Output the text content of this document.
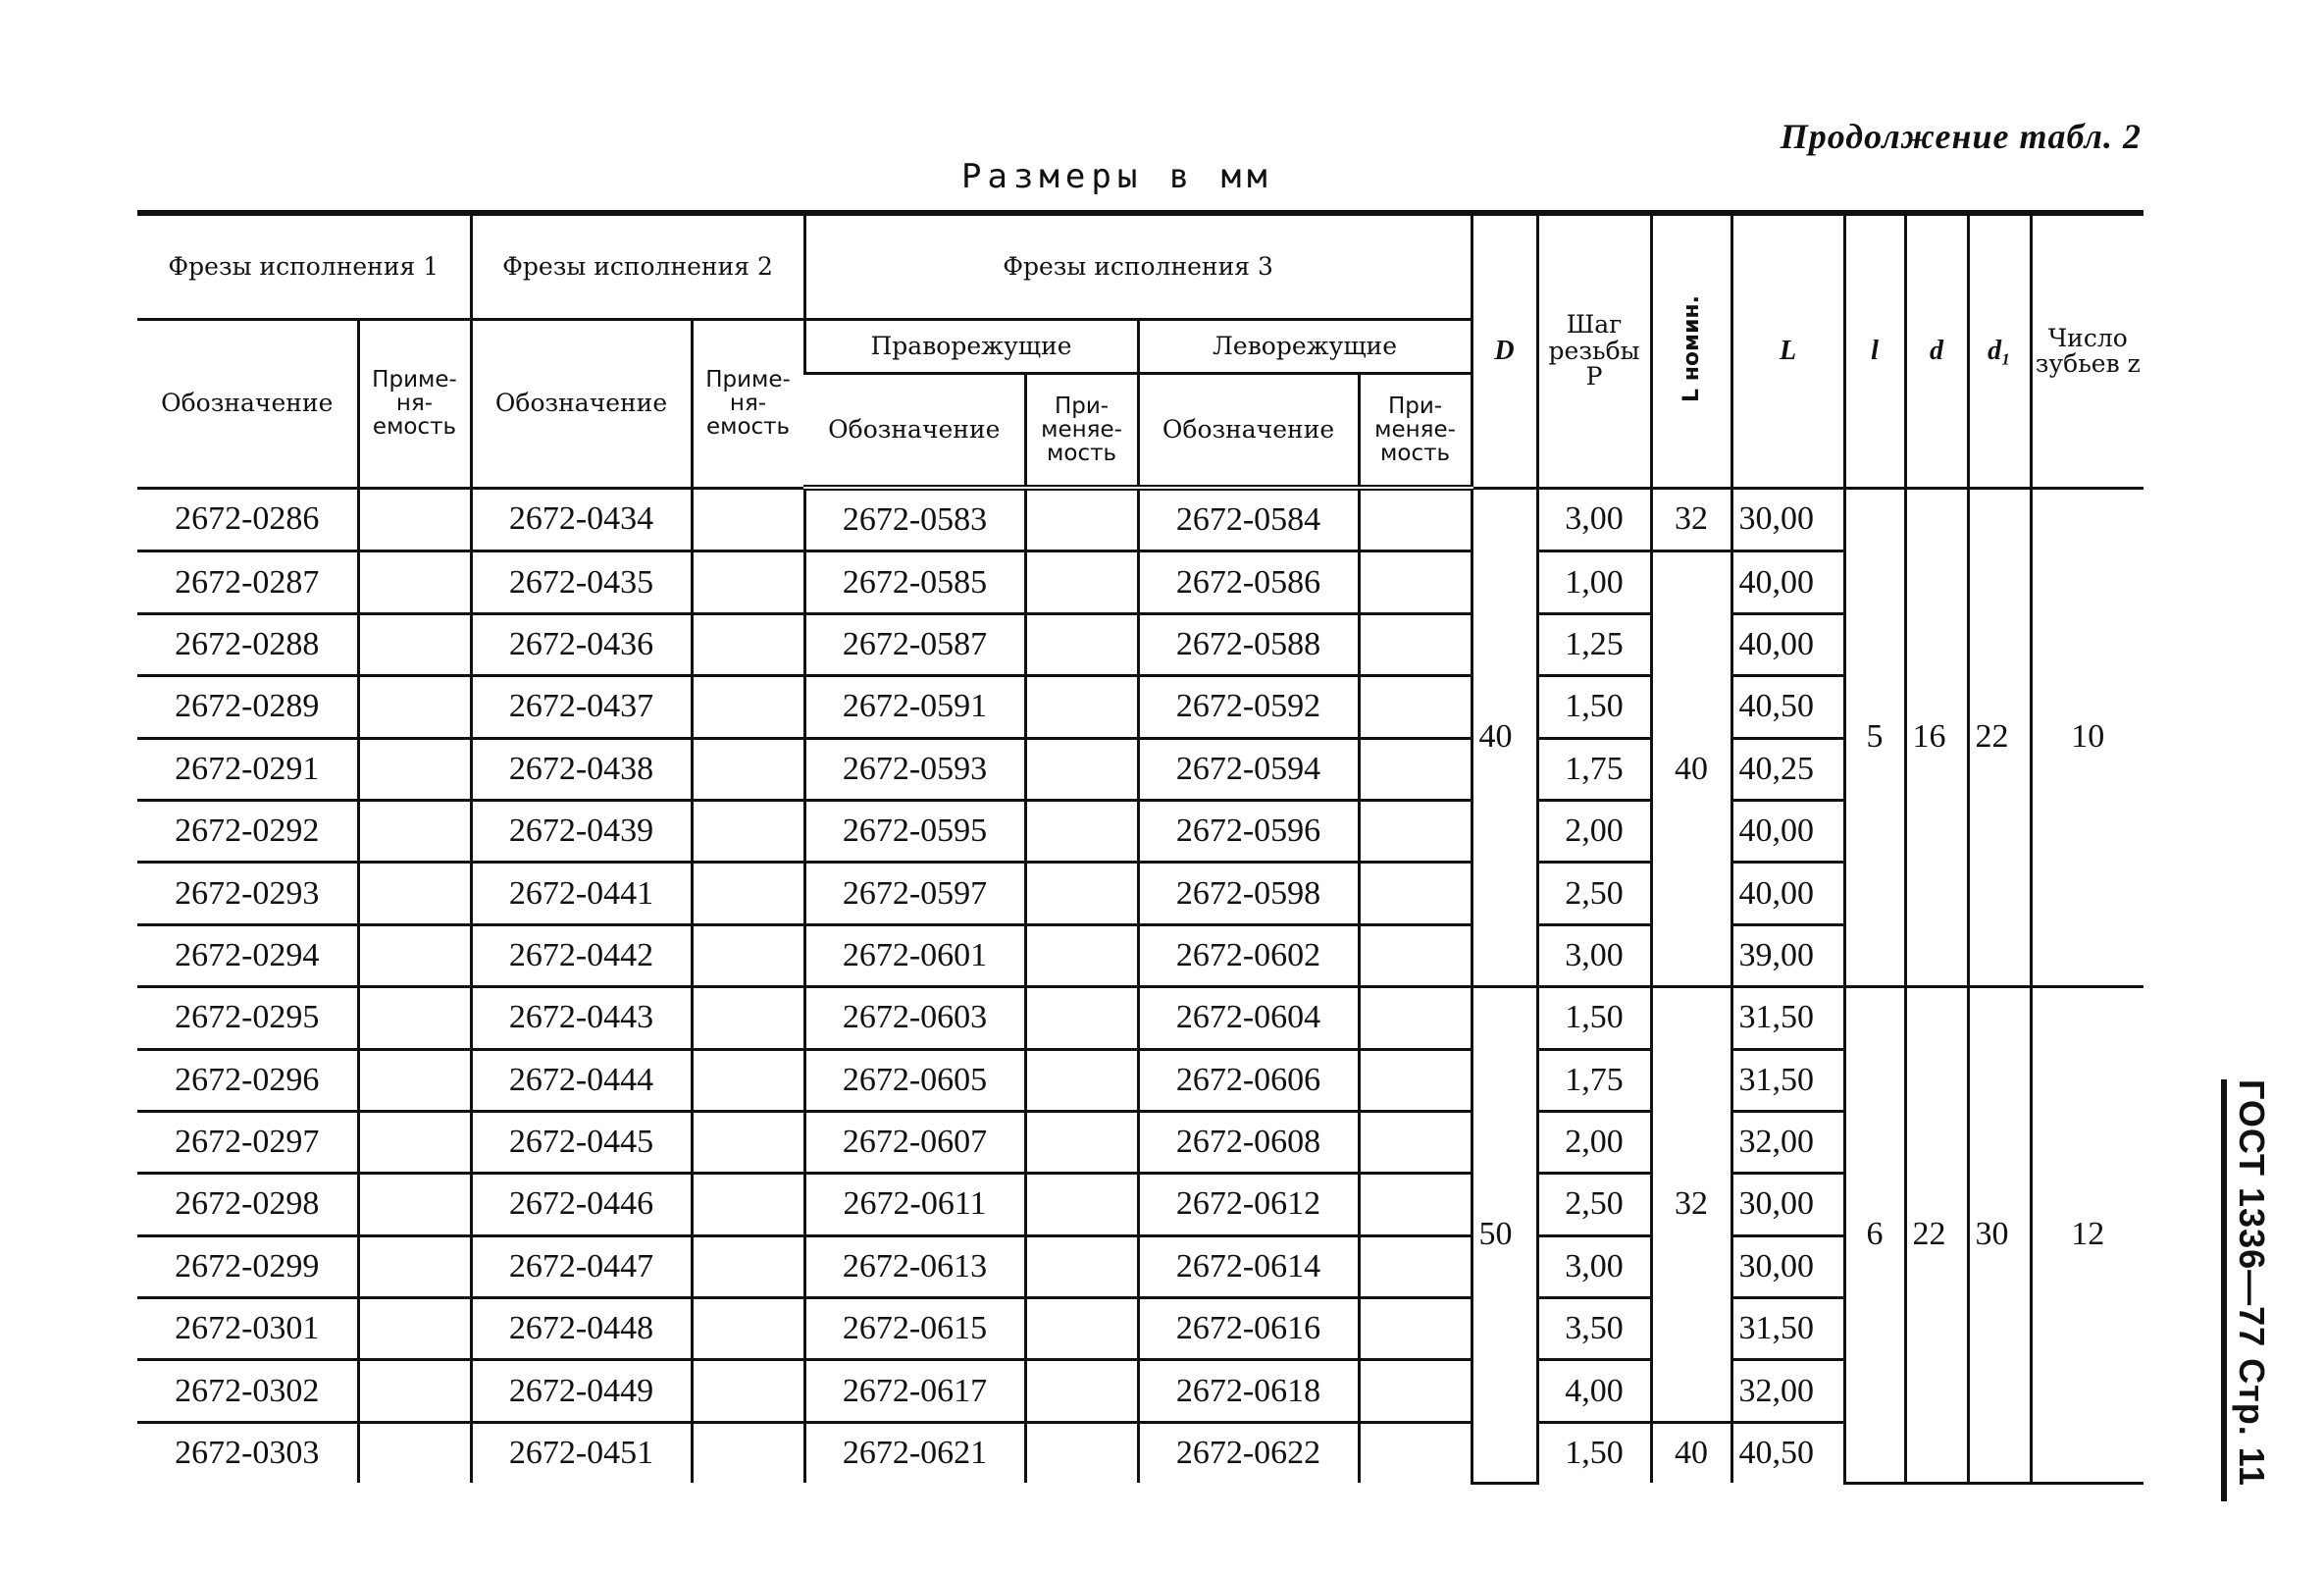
Продолжение табл. 2
Размеры в мм
ГОСТ 1336—77 Стр. 11
Фрезы исполнения 1		Фрезы исполнения 2		Фрезы исполнения 3				D	Шаг резьбы P	L номин.	L	l	d	d₁	Число зубьев z
Обозначение	Приме-ня-емость	Обозначение	Приме-ня-емость	Праворежущие		Леворежущие									
				Обозначение	При-меняе-мость	Обозначение	При-меняе-мость								
2672-0286		2672-0434		2672-0583		2672-0584		40	3,00	32	30,00	5	16	22	10
2672-0287		2672-0435		2672-0585		2672-0586			1,00	40	40,00				
2672-0288		2672-0436		2672-0587		2672-0588			1,25		40,00				
2672-0289		2672-0437		2672-0591		2672-0592			1,50		40,50				
2672-0291		2672-0438		2672-0593		2672-0594			1,75		40,25				
2672-0292		2672-0439		2672-0595		2672-0596			2,00		40,00				
2672-0293		2672-0441		2672-0597		2672-0598			2,50		40,00				
2672-0294		2672-0442		2672-0601		2672-0602			3,00		39,00				
2672-0295		2672-0443		2672-0603		2672-0604		50	1,50	32	31,50	6	22	30	12
2672-0296		2672-0444		2672-0605		2672-0606			1,75		31,50				
2672-0297		2672-0445		2672-0607		2672-0608			2,00		32,00				
2672-0298		2672-0446		2672-0611		2672-0612			2,50		30,00				
2672-0299		2672-0447		2672-0613		2672-0614			3,00		30,00				
2672-0301		2672-0448		2672-0615		2672-0616			3,50		31,50				
2672-0302		2672-0449		2672-0617		2672-0618			4,00		32,00				
2672-0303		2672-0451		2672-0621		2672-0622			1,50	40	40,50				
